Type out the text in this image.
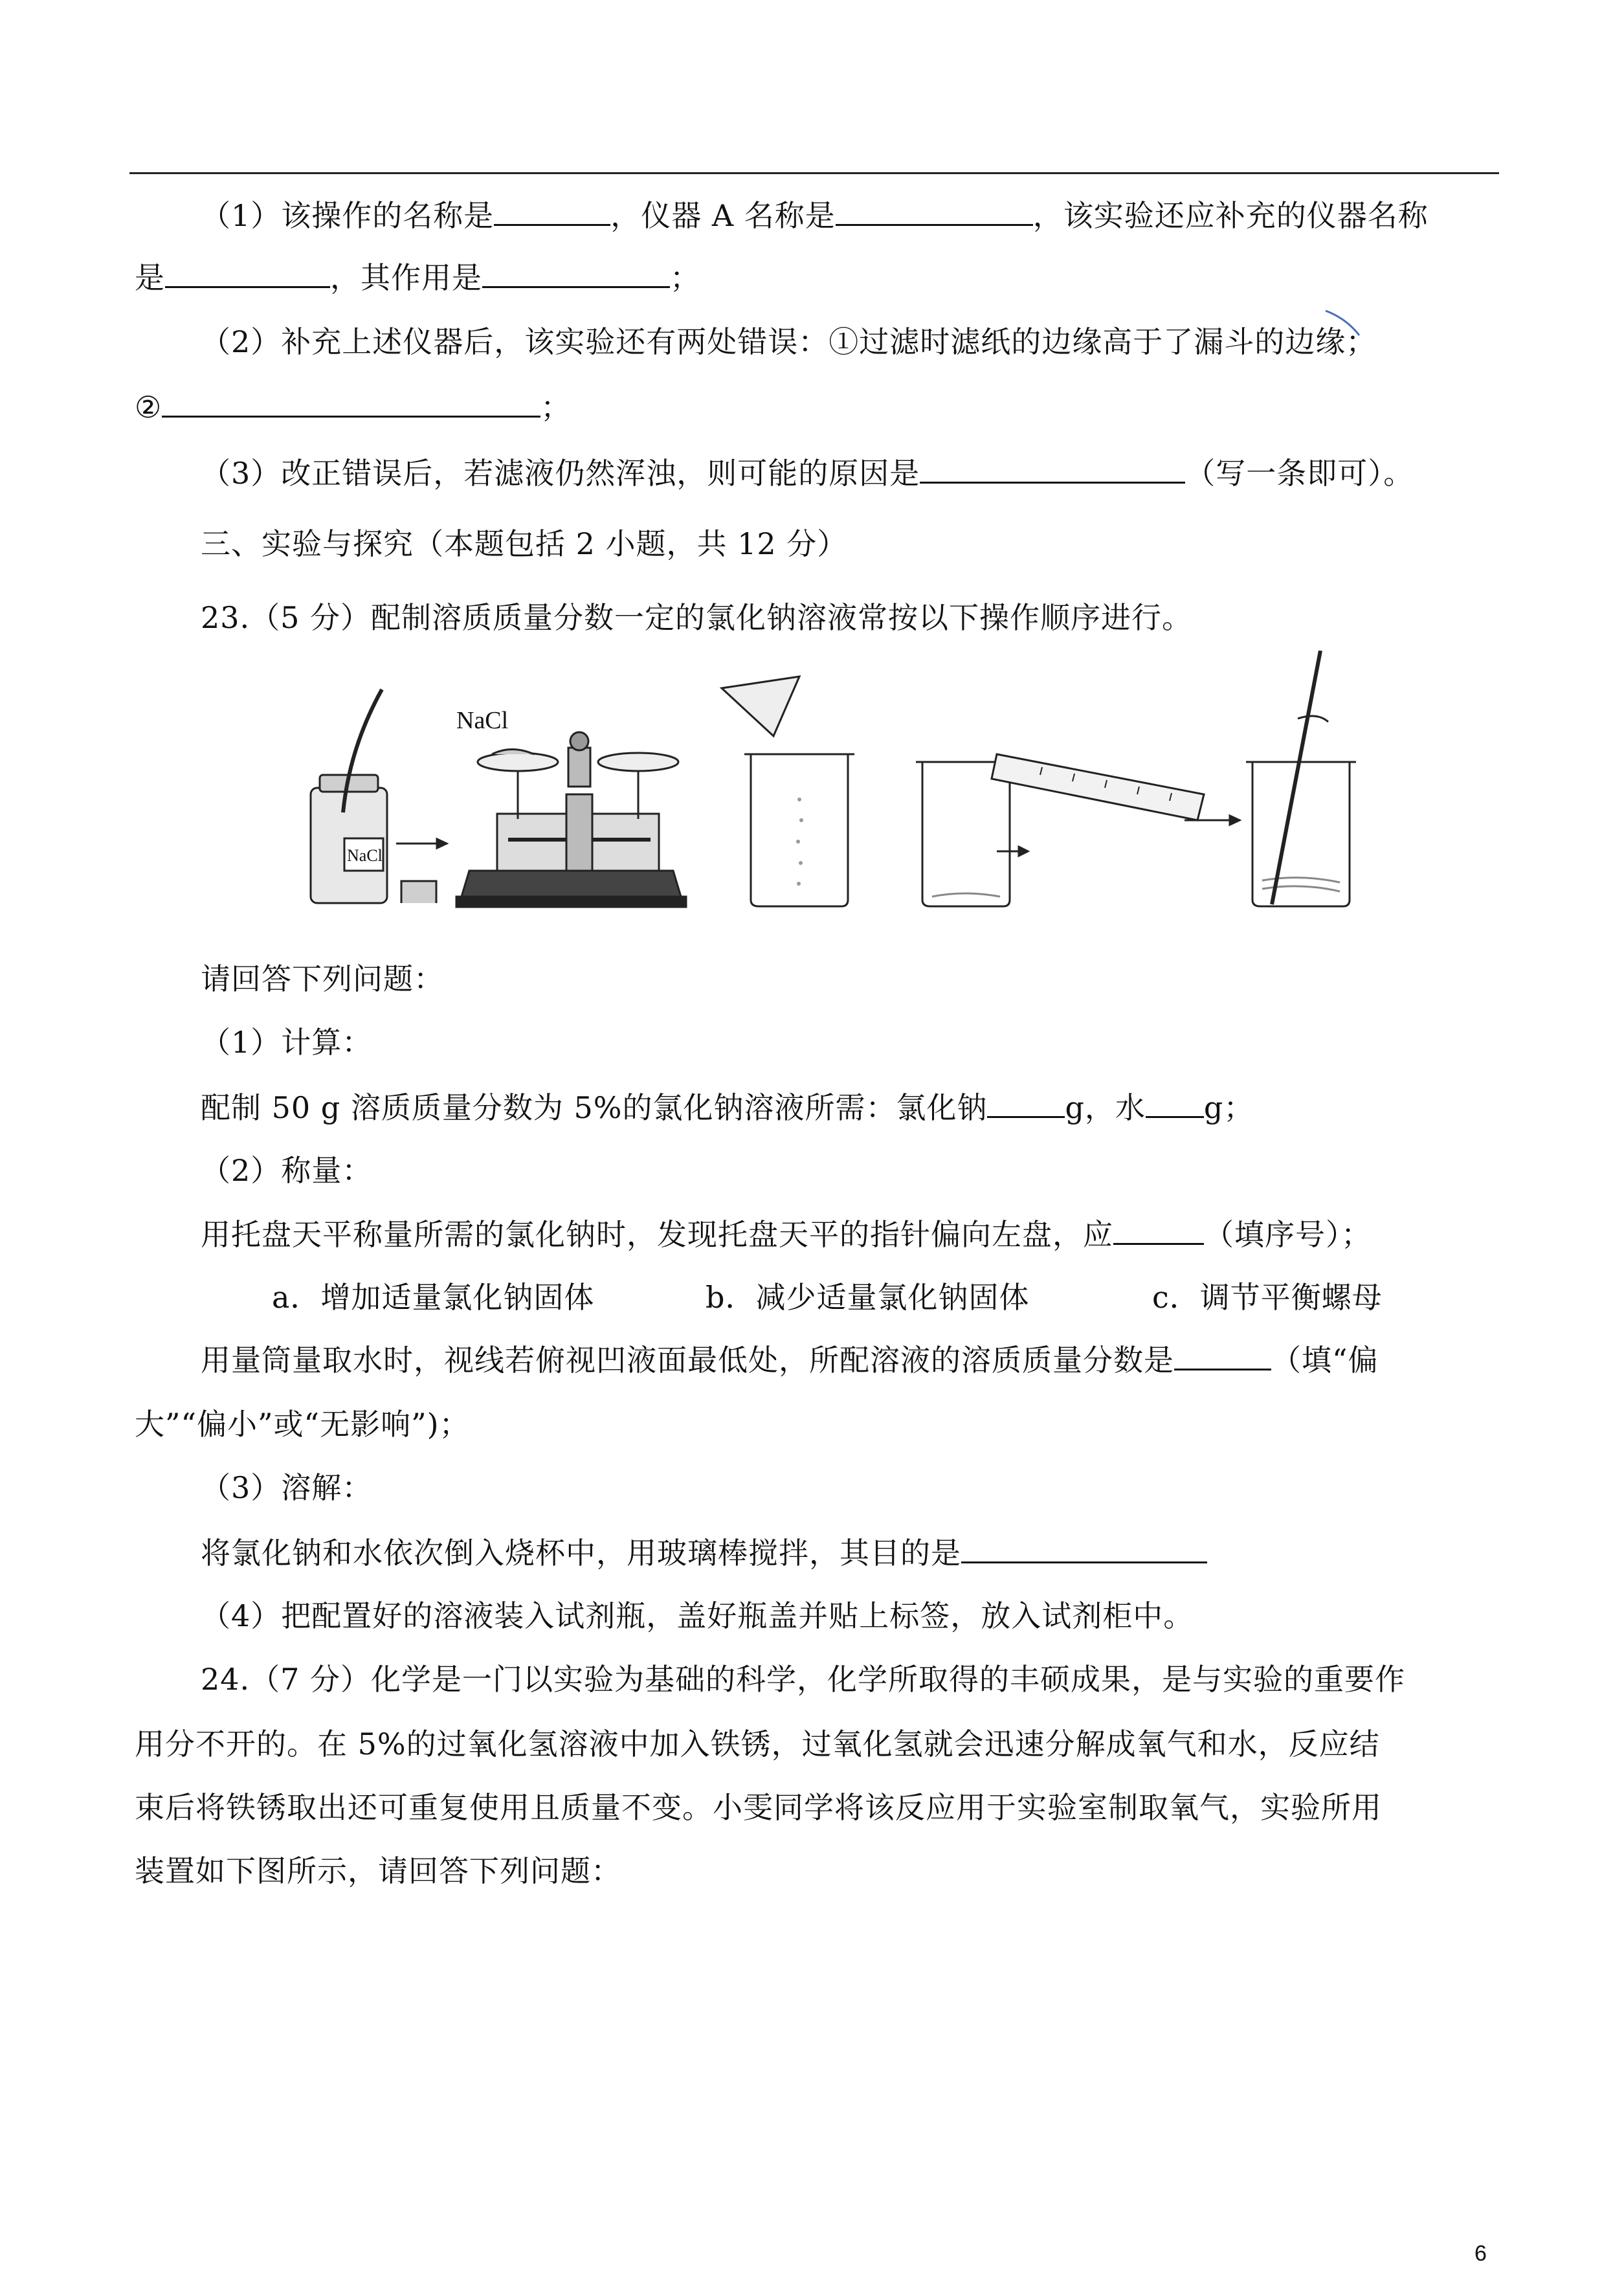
（1）该操作的名称是	，仪器 A 名称是	，该实验还应补充的仪器名称
是	，其作用是	；
（2）补充上述仪器后，该实验还有两处错误：①过滤时滤纸的边缘高于了漏斗的边缘；
②	；
（3）改正错误后，若滤液仍然浑浊，则可能的原因是	（写一条即可）。
三、实验与探究（本题包括 2 小题，共 12 分）
23.（5 分）配制溶质质量分数一定的氯化钠溶液常按以下操作顺序进行。
NaCl
NaCl
请回答下列问题：
（1）计算：
配制 50 g 溶质质量分数为 5%的氯化钠溶液所需：氯化钠	g，水 g；
（2）称量：
用托盘天平称量所需的氯化钠时，发现托盘天平的指针偏向左盘，应	（填序号）；
a．增加适量氯化钠固体	b．减少适量氯化钠固体	c．调节平衡螺母
用量筒量取水时，视线若俯视凹液面最低处，所配溶液的溶质质量分数是	（填“偏
大”“偏小”或“无影响”)；
（3）溶解：
将氯化钠和水依次倒入烧杯中，用玻璃棒搅拌，其目的是
（4）把配置好的溶液装入试剂瓶，盖好瓶盖并贴上标签，放入试剂柜中。
24.（7 分）化学是一门以实验为基础的科学，化学所取得的丰硕成果，是与实验的重要作
用分不开的。在 5%的过氧化氢溶液中加入铁锈，过氧化氢就会迅速分解成氧气和水，反应结
束后将铁锈取出还可重复使用且质量不变。小雯同学将该反应用于实验室制取氧气，实验所用
装置如下图所示，请回答下列问题：
6
